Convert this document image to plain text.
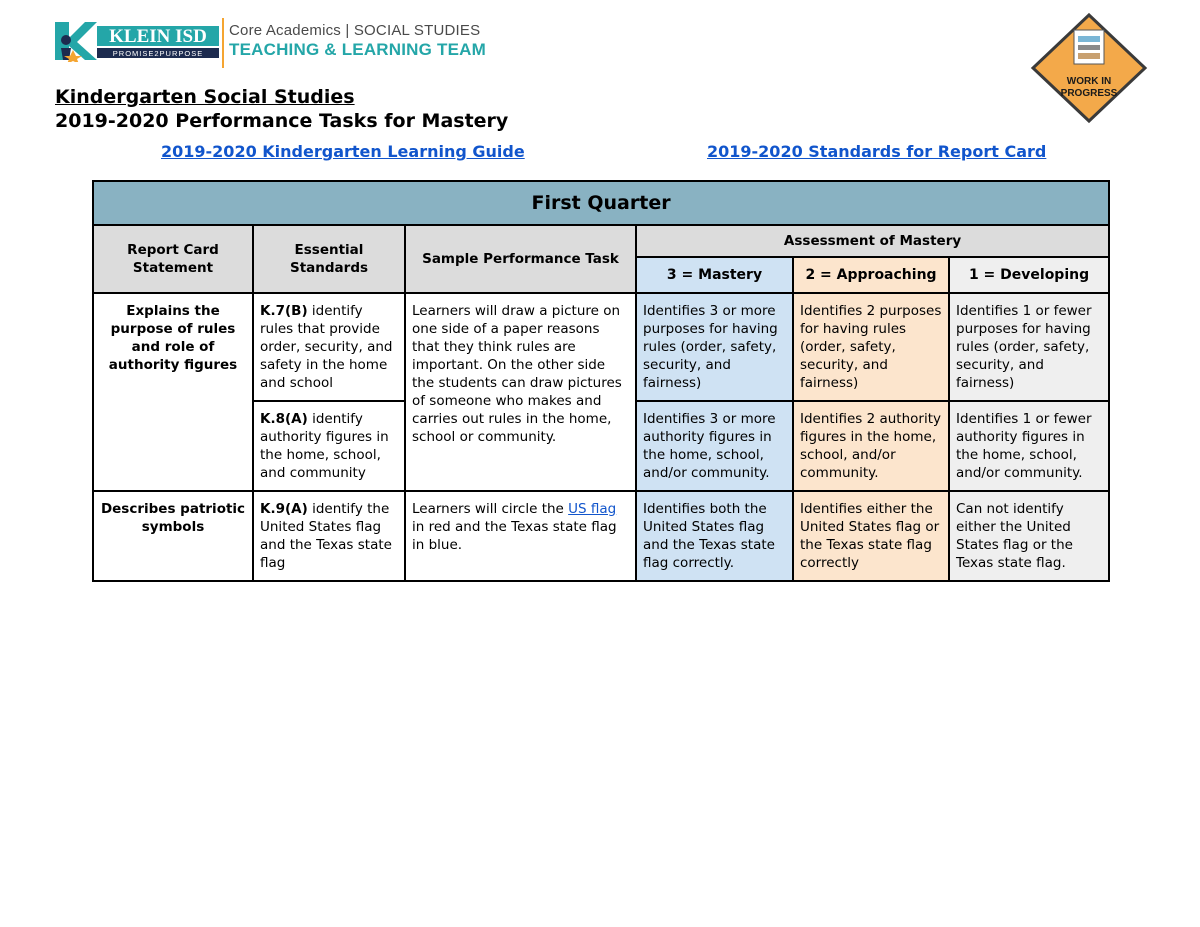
KLEIN ISD
PROMISE2PURPOSE
Core Academics | SOCIAL STUDIES
TEACHING & LEARNING TEAM
WORK IN
PROGRESS
Kindergarten Social Studies
2019-2020 Performance Tasks for Mastery
2019-2020 Kindergarten Learning Guide	2019-2020 Standards for Report Card
First Quarter					
Report Card Statement	Essential Standards	Sample Performance Task	Assessment of Mastery		
			3 = Mastery	2 = Approaching	1 = Developing
Explains the purpose of rules and role of authority figures	K.7(B) identify rules that provide order, security, and safety in the home and school	Learners will draw a picture on one side of a paper reasons that they think rules are important. On the other side the students can draw pictures of someone who makes and carries out rules in the home, school or community.	Identifies 3 or more purposes for having rules (order, safety, security, and fairness)	Identifies 2 purposes for having rules (order, safety, security, and fairness)	Identifies 1 or fewer purposes for having rules (order, safety, security, and fairness)
	K.8(A) identify authority figures in the home, school, and community		Identifies 3 or more authority figures in the home, school, and/or community.	Identifies 2 authority figures in the home, school, and/or community.	Identifies 1 or fewer authority figures in the home, school, and/or community.
Describes patriotic symbols	K.9(A) identify the United States flag and the Texas state flag	Learners will circle the US flag in red and the Texas state flag in blue.	Identifies both the United States flag and the Texas state flag correctly.	Identifies either the United States flag or the Texas state flag correctly	Can not identify either the United States flag or the Texas state flag.
